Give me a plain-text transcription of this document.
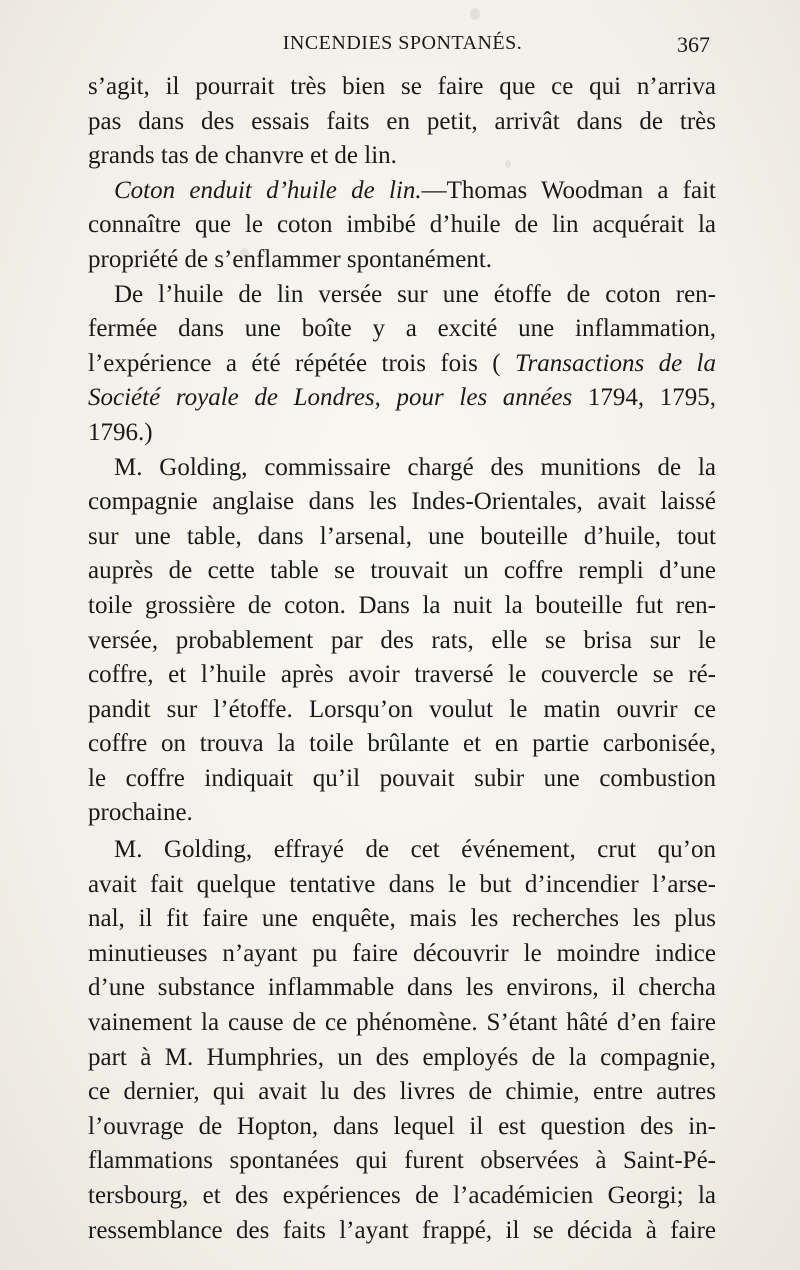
INCENDIES SPONTANÉS.	367
s’agit, il pourrait très bien se faire que ce qui n’arriva
pas dans des essais faits en petit, arrivât dans de très
grands tas de chanvre et de lin.
Coton enduit d’huile de lin.—Thomas Woodman a fait
connaître que le coton imbibé d’huile de lin acquérait la
propriété de s’enflammer spontanément.
De l’huile de lin versée sur une étoffe de coton ren-
fermée dans une boîte y a excité une inflammation,
l’expérience a été répétée trois fois ( Transactions de la
Société royale de Londres, pour les années 1794, 1795,
1796.)
M. Golding, commissaire chargé des munitions de la
compagnie anglaise dans les Indes-Orientales, avait laissé
sur une table, dans l’arsenal, une bouteille d’huile, tout
auprès de cette table se trouvait un coffre rempli d’une
toile grossière de coton. Dans la nuit la bouteille fut ren-
versée, probablement par des rats, elle se brisa sur le
coffre, et l’huile après avoir traversé le couvercle se ré-
pandit sur l’étoffe. Lorsqu’on voulut le matin ouvrir ce
coffre on trouva la toile brûlante et en partie carbonisée,
le coffre indiquait qu’il pouvait subir une combustion
prochaine.
M. Golding, effrayé de cet événement, crut qu’on
avait fait quelque tentative dans le but d’incendier l’arse-
nal, il fit faire une enquête, mais les recherches les plus
minutieuses n’ayant pu faire découvrir le moindre indice
d’une substance inflammable dans les environs, il chercha
vainement la cause de ce phénomène. S’étant hâté d’en faire
part à M. Humphries, un des employés de la compagnie,
ce dernier, qui avait lu des livres de chimie, entre autres
l’ouvrage de Hopton, dans lequel il est question des in-
flammations spontanées qui furent observées à Saint-Pé-
tersbourg, et des expériences de l’académicien Georgi; la
ressemblance des faits l’ayant frappé, il se décida à faire
